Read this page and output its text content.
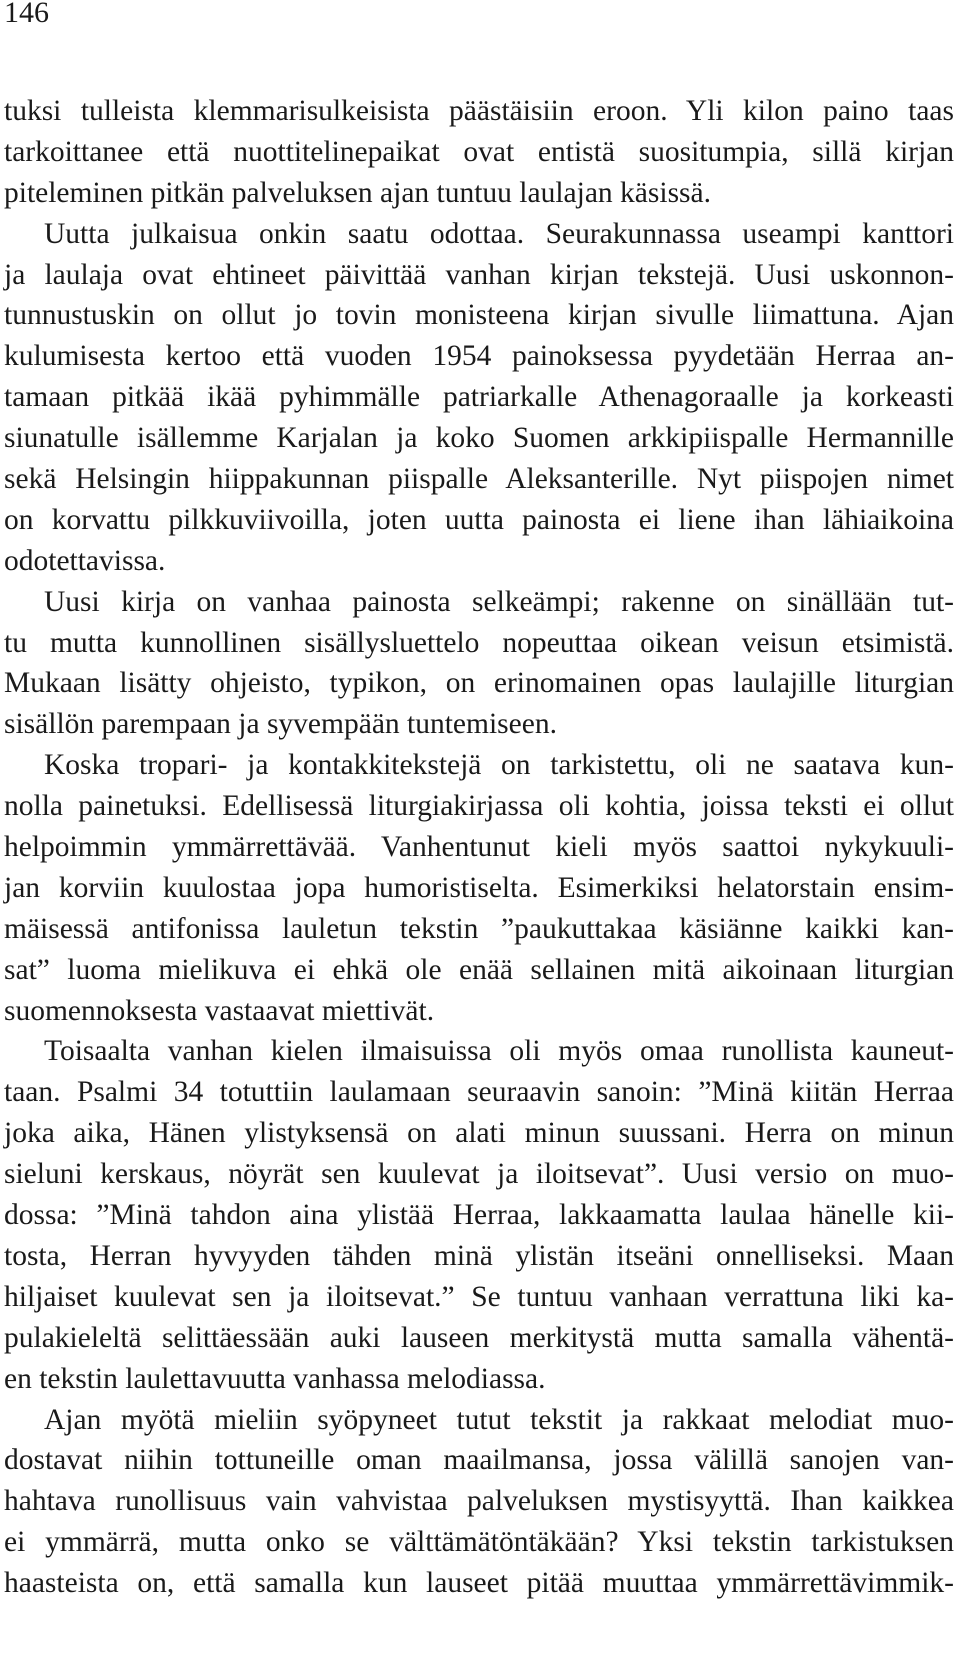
146
tuksi tulleista klemmarisulkeisista päästäisiin eroon. Yli kilon paino taas
tarkoittanee että nuottitelinepaikat ovat entistä suositumpia, sillä kirjan
piteleminen pitkän palveluksen ajan tuntuu laulajan käsissä.
Uutta julkaisua onkin saatu odottaa. Seurakunnassa useampi kanttori
ja laulaja ovat ehtineet päivittää vanhan kirjan tekstejä. Uusi uskonnon-
tunnustuskin on ollut jo tovin monisteena kirjan sivulle liimattuna. Ajan
kulumisesta kertoo että vuoden 1954 painoksessa pyydetään Herraa an-
tamaan pitkää ikää pyhimmälle patriarkalle Athenagoraalle ja korkeasti
siunatulle isällemme Karjalan ja koko Suomen arkkipiispalle Hermannille
sekä Helsingin hiippakunnan piispalle Aleksanterille. Nyt piispojen nimet
on korvattu pilkkuviivoilla, joten uutta painosta ei liene ihan lähiaikoina
odotettavissa.
Uusi kirja on vanhaa painosta selkeämpi; rakenne on sinällään tut-
tu mutta kunnollinen sisällysluettelo nopeuttaa oikean veisun etsimistä.
Mukaan lisätty ohjeisto, typikon, on erinomainen opas laulajille liturgian
sisällön parempaan ja syvempään tuntemiseen.
Koska tropari- ja kontakkitekstejä on tarkistettu, oli ne saatava kun-
nolla painetuksi. Edellisessä liturgiakirjassa oli kohtia, joissa teksti ei ollut
helpoimmin ymmärrettävää. Vanhentunut kieli myös saattoi nykykuuli-
jan korviin kuulostaa jopa humoristiselta. Esimerkiksi helatorstain ensim-
mäisessä antifonissa lauletun tekstin ”paukuttakaa käsiänne kaikki kan-
sat” luoma mielikuva ei ehkä ole enää sellainen mitä aikoinaan liturgian
suomennoksesta vastaavat miettivät.
Toisaalta vanhan kielen ilmaisuissa oli myös omaa runollista kauneut-
taan. Psalmi 34 totuttiin laulamaan seuraavin sanoin: ”Minä kiitän Herraa
joka aika, Hänen ylistyksensä on alati minun suussani. Herra on minun
sieluni kerskaus, nöyrät sen kuulevat ja iloitsevat”. Uusi versio on muo-
dossa: ”Minä tahdon aina ylistää Herraa, lakkaamatta laulaa hänelle kii-
tosta, Herran hyvyyden tähden minä ylistän itseäni onnelliseksi. Maan
hiljaiset kuulevat sen ja iloitsevat.” Se tuntuu vanhaan verrattuna liki ka-
pulakieleltä selittäessään auki lauseen merkitystä mutta samalla vähentä-
en tekstin laulettavuutta vanhassa melodiassa.
Ajan myötä mieliin syöpyneet tutut tekstit ja rakkaat melodiat muo-
dostavat niihin tottuneille oman maailmansa, jossa välillä sanojen van-
hahtava runollisuus vain vahvistaa palveluksen mystisyyttä. Ihan kaikkea
ei ymmärrä, mutta onko se välttämätöntäkään? Yksi tekstin tarkistuksen
haasteista on, että samalla kun lauseet pitää muuttaa ymmärrettävimmik-
